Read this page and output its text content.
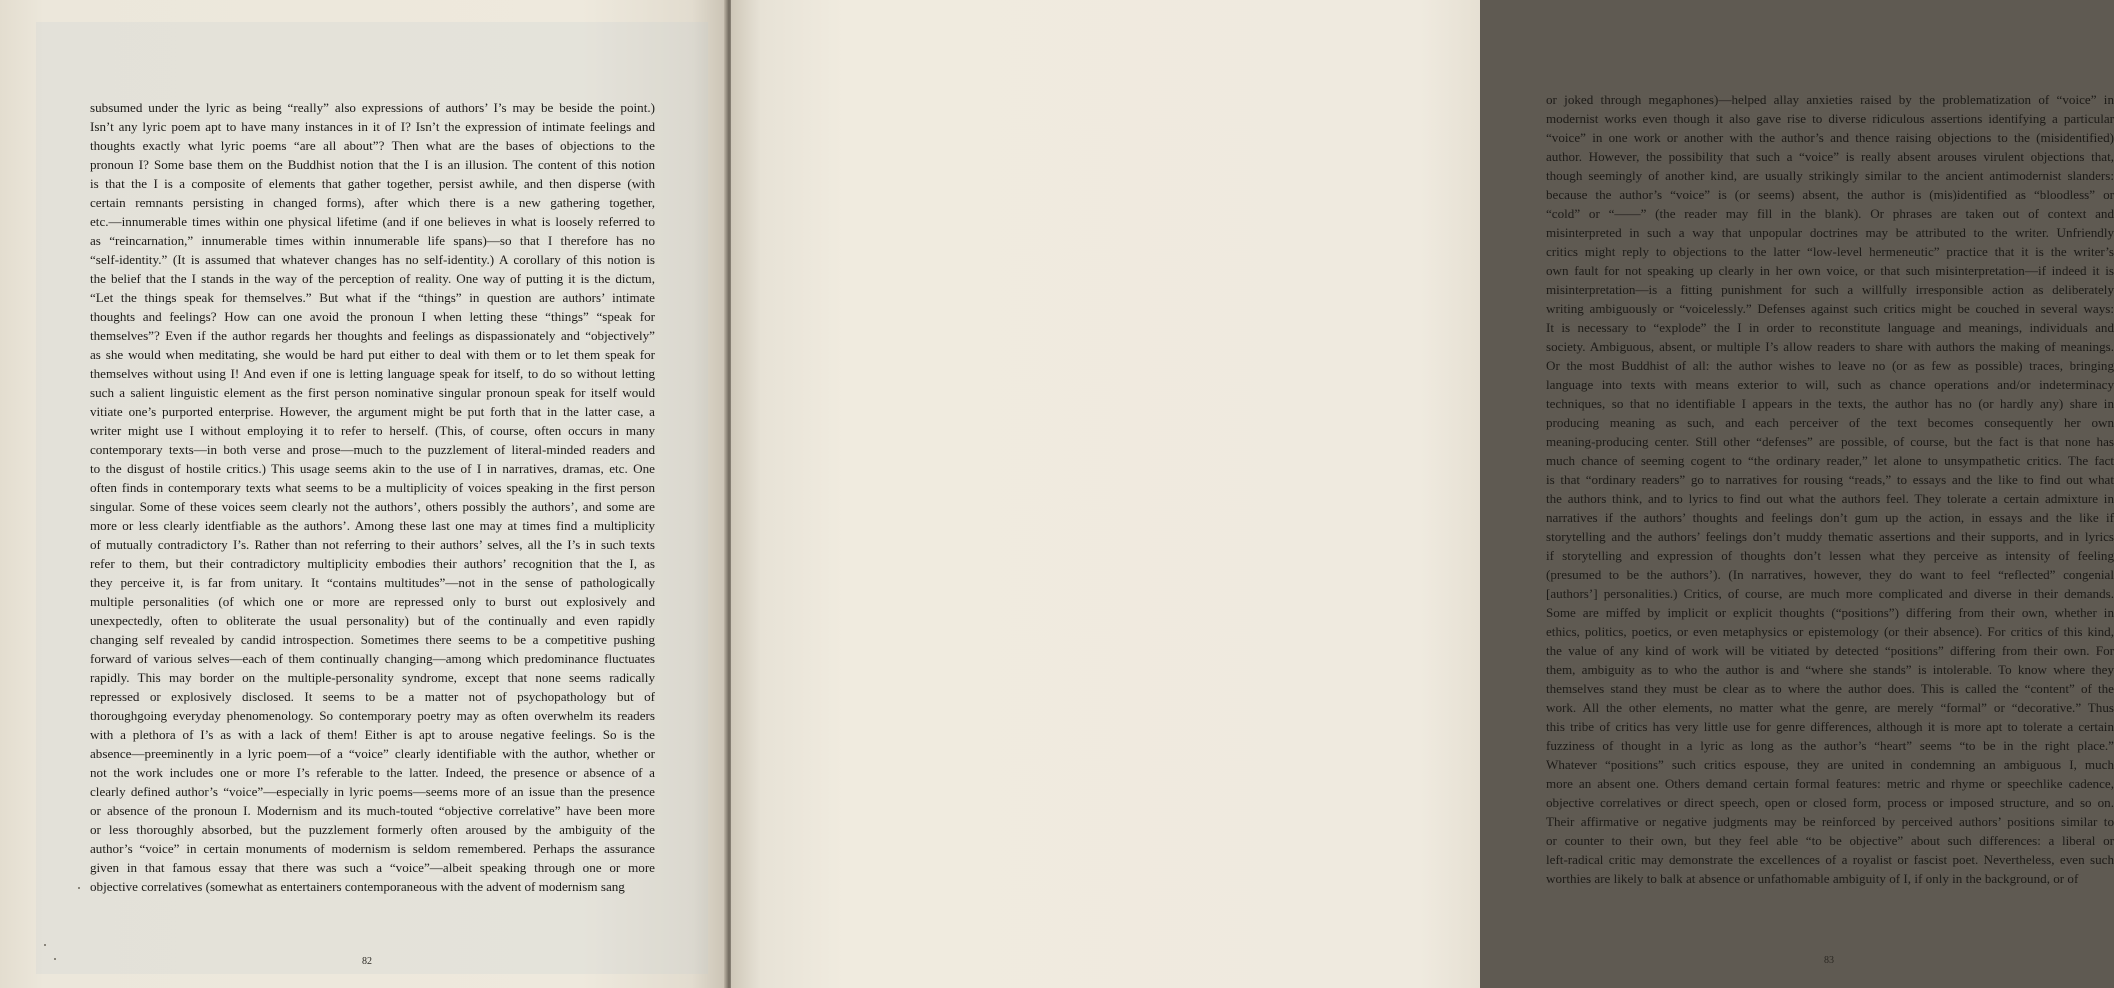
subsumed under the lyric as being “really” also expressions of authors’ I’s may be beside the point.)
Isn’t any lyric poem apt to have many instances in it of I? Isn’t the expression of intimate feelings and
thoughts exactly what lyric poems “are all about”? Then what are the bases of objections to the
pronoun I? Some base them on the Buddhist notion that the I is an illusion. The content of this notion
is that the I is a composite of elements that gather together, persist awhile, and then disperse (with
certain remnants persisting in changed forms), after which there is a new gathering together,
etc.—innumerable times within one physical lifetime (and if one believes in what is loosely referred to
as “reincarnation,” innumerable times within innumerable life spans)—so that I therefore has no
“self-identity.” (It is assumed that whatever changes has no self-identity.) A corollary of this notion is
the belief that the I stands in the way of the perception of reality. One way of putting it is the dictum,
“Let the things speak for themselves.” But what if the “things” in question are authors’ intimate
thoughts and feelings? How can one avoid the pronoun I when letting these “things” “speak for
themselves”? Even if the author regards her thoughts and feelings as dispassionately and “objectively”
as she would when meditating, she would be hard put either to deal with them or to let them speak for
themselves without using I! And even if one is letting language speak for itself, to do so without letting
such a salient linguistic element as the first person nominative singular pronoun speak for itself would
vitiate one’s purported enterprise. However, the argument might be put forth that in the latter case, a
writer might use I without employing it to refer to herself. (This, of course, often occurs in many
contemporary texts—in both verse and prose—much to the puzzlement of literal-minded readers and
to the disgust of hostile critics.) This usage seems akin to the use of I in narratives, dramas, etc. One
often finds in contemporary texts what seems to be a multiplicity of voices speaking in the first person
singular. Some of these voices seem clearly not the authors’, others possibly the authors’, and some are
more or less clearly identfiable as the authors’. Among these last one may at times find a multiplicity
of mutually contradictory I’s. Rather than not referring to their authors’ selves, all the I’s in such texts
refer to them, but their contradictory multiplicity embodies their authors’ recognition that the I, as
they perceive it, is far from unitary. It “contains multitudes”—not in the sense of pathologically
multiple personalities (of which one or more are repressed only to burst out explosively and
unexpectedly, often to obliterate the usual personality) but of the continually and even rapidly
changing self revealed by candid introspection. Sometimes there seems to be a competitive pushing
forward of various selves—each of them continually changing—among which predominance fluctuates
rapidly. This may border on the multiple-personality syndrome, except that none seems radically
repressed or explosively disclosed. It seems to be a matter not of psychopathology but of
thoroughgoing everyday phenomenology. So contemporary poetry may as often overwhelm its readers
with a plethora of I’s as with a lack of them! Either is apt to arouse negative feelings. So is the
absence—preeminently in a lyric poem—of a “voice” clearly identifiable with the author, whether or
not the work includes one or more I’s referable to the latter. Indeed, the presence or absence of a
clearly defined author’s “voice”—especially in lyric poems—seems more of an issue than the presence
or absence of the pronoun I. Modernism and its much-touted “objective correlative” have been more
or less thoroughly absorbed, but the puzzlement formerly often aroused by the ambiguity of the
author’s “voice” in certain monuments of modernism is seldom remembered. Perhaps the assurance
given in that famous essay that there was such a “voice”—albeit speaking through one or more
objective correlatives (somewhat as entertainers contemporaneous with the advent of modernism sang
82
or joked through megaphones)—helped allay anxieties raised by the problematization of “voice” in
modernist works even though it also gave rise to diverse ridiculous assertions identifying a particular
“voice” in one work or another with the author’s and thence raising objections to the (misidentified)
author. However, the possibility that such a “voice” is really absent arouses virulent objections that,
though seemingly of another kind, are usually strikingly similar to the ancient antimodernist slanders:
because the author’s “voice” is (or seems) absent, the author is (mis)identified as “bloodless” or
“cold” or “——” (the reader may fill in the blank). Or phrases are taken out of context and
misinterpreted in such a way that unpopular doctrines may be attributed to the writer. Unfriendly
critics might reply to objections to the latter “low-level hermeneutic” practice that it is the writer’s
own fault for not speaking up clearly in her own voice, or that such misinterpretation—if indeed it is
misinterpretation—is a fitting punishment for such a willfully irresponsible action as deliberately
writing ambiguously or “voicelessly.” Defenses against such critics might be couched in several ways:
It is necessary to “explode” the I in order to reconstitute language and meanings, individuals and
society. Ambiguous, absent, or multiple I’s allow readers to share with authors the making of meanings.
Or the most Buddhist of all: the author wishes to leave no (or as few as possible) traces, bringing
language into texts with means exterior to will, such as chance operations and/or indeterminacy
techniques, so that no identifiable I appears in the texts, the author has no (or hardly any) share in
producing meaning as such, and each perceiver of the text becomes consequently her own
meaning-producing center. Still other “defenses” are possible, of course, but the fact is that none has
much chance of seeming cogent to “the ordinary reader,” let alone to unsympathetic critics. The fact
is that “ordinary readers” go to narratives for rousing “reads,” to essays and the like to find out what
the authors think, and to lyrics to find out what the authors feel. They tolerate a certain admixture in
narratives if the authors’ thoughts and feelings don’t gum up the action, in essays and the like if
storytelling and the authors’ feelings don’t muddy thematic assertions and their supports, and in lyrics
if storytelling and expression of thoughts don’t lessen what they perceive as intensity of feeling
(presumed to be the authors’). (In narratives, however, they do want to feel “reflected” congenial
[authors’] personalities.) Critics, of course, are much more complicated and diverse in their demands.
Some are miffed by implicit or explicit thoughts (“positions”) differing from their own, whether in
ethics, politics, poetics, or even metaphysics or epistemology (or their absence). For critics of this kind,
the value of any kind of work will be vitiated by detected “positions” differing from their own. For
them, ambiguity as to who the author is and “where she stands” is intolerable. To know where they
themselves stand they must be clear as to where the author does. This is called the “content” of the
work. All the other elements, no matter what the genre, are merely “formal” or “decorative.” Thus
this tribe of critics has very little use for genre differences, although it is more apt to tolerate a certain
fuzziness of thought in a lyric as long as the author’s “heart” seems “to be in the right place.”
Whatever “positions” such critics espouse, they are united in condemning an ambiguous I, much
more an absent one. Others demand certain formal features: metric and rhyme or speechlike cadence,
objective correlatives or direct speech, open or closed form, process or imposed structure, and so on.
Their affirmative or negative judgments may be reinforced by perceived authors’ positions similar to
or counter to their own, but they feel able “to be objective” about such differences: a liberal or
left-radical critic may demonstrate the excellences of a royalist or fascist poet. Nevertheless, even such
worthies are likely to balk at absence or unfathomable ambiguity of I, if only in the background, or of
83
